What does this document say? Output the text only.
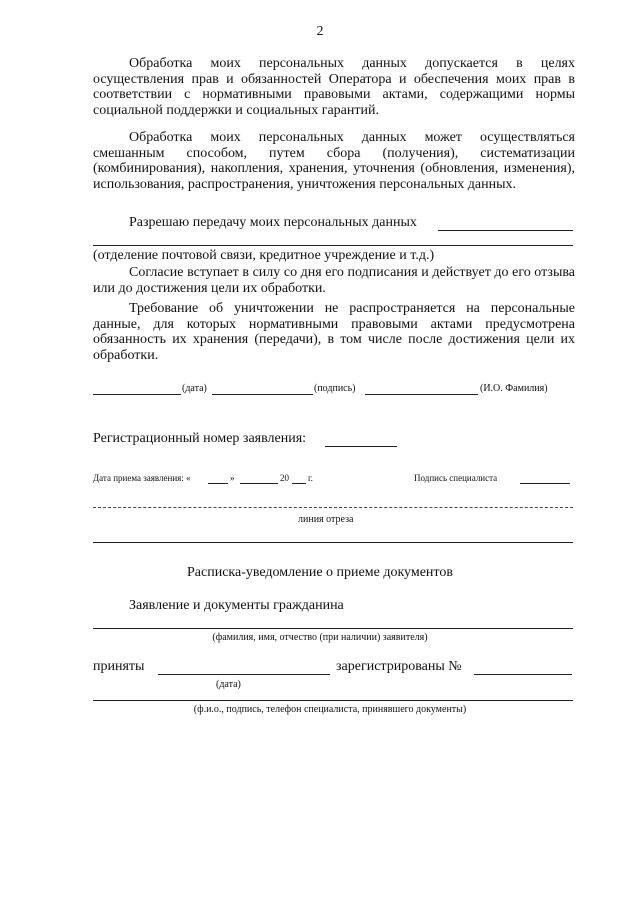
2

Обработка моих персональных данных допускается в целях осуществления прав и обязанностей Оператора и обеспечения моих прав в соответствии с нормативными правовыми актами, содержащими нормы социальной поддержки и социальных гарантий.

Обработка моих персональных данных может осуществляться смешанным способом, путем сбора (получения), систематизации (комбинирования), накопления, хранения, уточнения (обновления, изменения), использования, распространения, уничтожения персональных данных.

Разрешаю передачу моих персональных данных
(отделение почтовой связи, кредитное учреждение и т.д.)

Согласие вступает в силу со дня его подписания и действует до его отзыва или до достижения цели их обработки.

Требование об уничтожении не распространяется на персональные данные, для которых нормативными правовыми актами предусмотрена обязанность их хранения (передачи), в том числе после достижения цели их обработки.

(дата)	(подпись)	(И.О. Фамилия)
Регистрационный номер заявления:
Дата приема заявления: «	»	20 г.	Подпись специалиста
линия отреза
Расписка-уведомление о приеме документов
Заявление и документы гражданина
(фамилия, имя, отчество (при наличии) заявителя)
приняты
(дата)
зарегистрированы №
(ф.и.о., подпись, телефон специалиста, принявшего документы)
